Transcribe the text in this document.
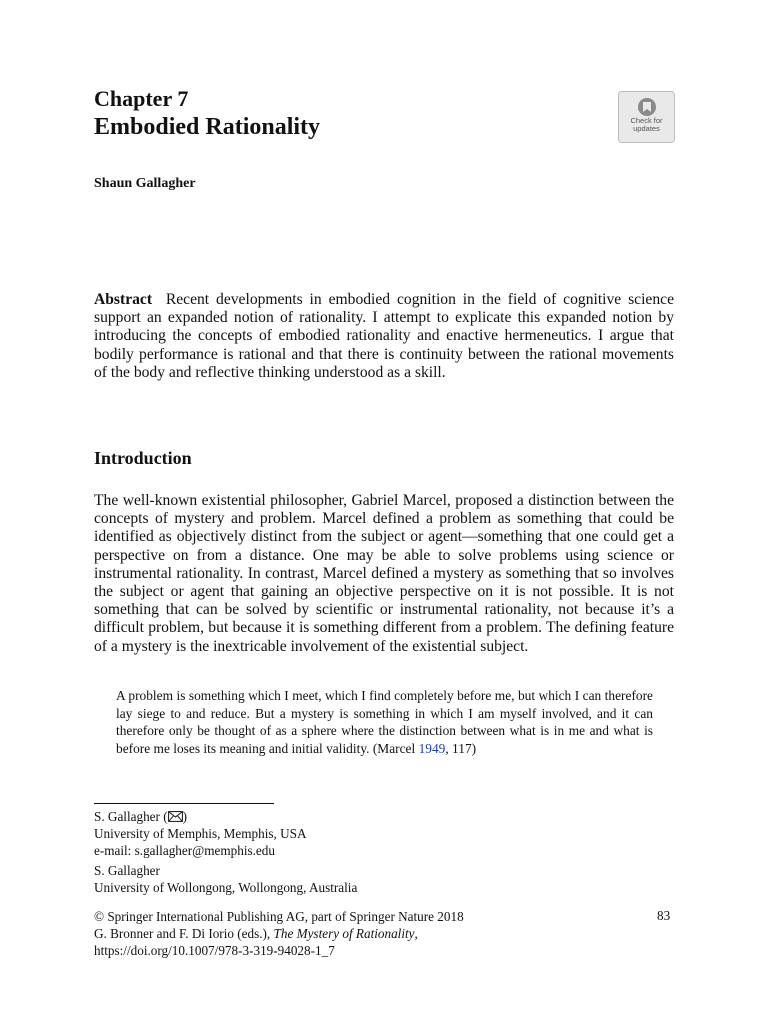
Chapter 7
Embodied Rationality	Check for
updates
Shaun Gallagher

Abstract Recent developments in embodied cognition in the field of cognitive science support an expanded notion of rationality. I attempt to explicate this expanded notion by introducing the concepts of embodied rationality and enactive hermeneutics. I argue that bodily performance is rational and that there is continuity between the rational movements of the body and reflective thinking understood as a skill.

Introduction

The well-known existential philosopher, Gabriel Marcel, proposed a distinction between the concepts of mystery and problem. Marcel defined a problem as something that could be identified as objectively distinct from the subject or agent—something that one could get a perspective on from a distance. One may be able to solve problems using science or instrumental rationality. In contrast, Marcel defined a mystery as something that so involves the subject or agent that gaining an objective perspective on it is not possible. It is not something that can be solved by scientific or instrumental rationality, not because it’s a difficult problem, but because it is something different from a problem. The defining feature of a mystery is the inextricable involvement of the existential subject.

A problem is something which I meet, which I find completely before me, but which I can therefore lay siege to and reduce. But a mystery is something in which I am myself involved, and it can therefore only be thought of as a sphere where the distinction between what is in me and what is before me loses its meaning and initial validity. (Marcel 1949, 117)

S. Gallagher ( )
University of Memphis, Memphis, USA
e-mail: s.gallagher@memphis.edu
S. Gallagher
University of Wollongong, Wollongong, Australia
© Springer International Publishing AG, part of Springer Nature 2018
G. Bronner and F. Di Iorio (eds.), The Mystery of Rationality,
https://doi.org/10.1007/978-3-319-94028-1_7
83
